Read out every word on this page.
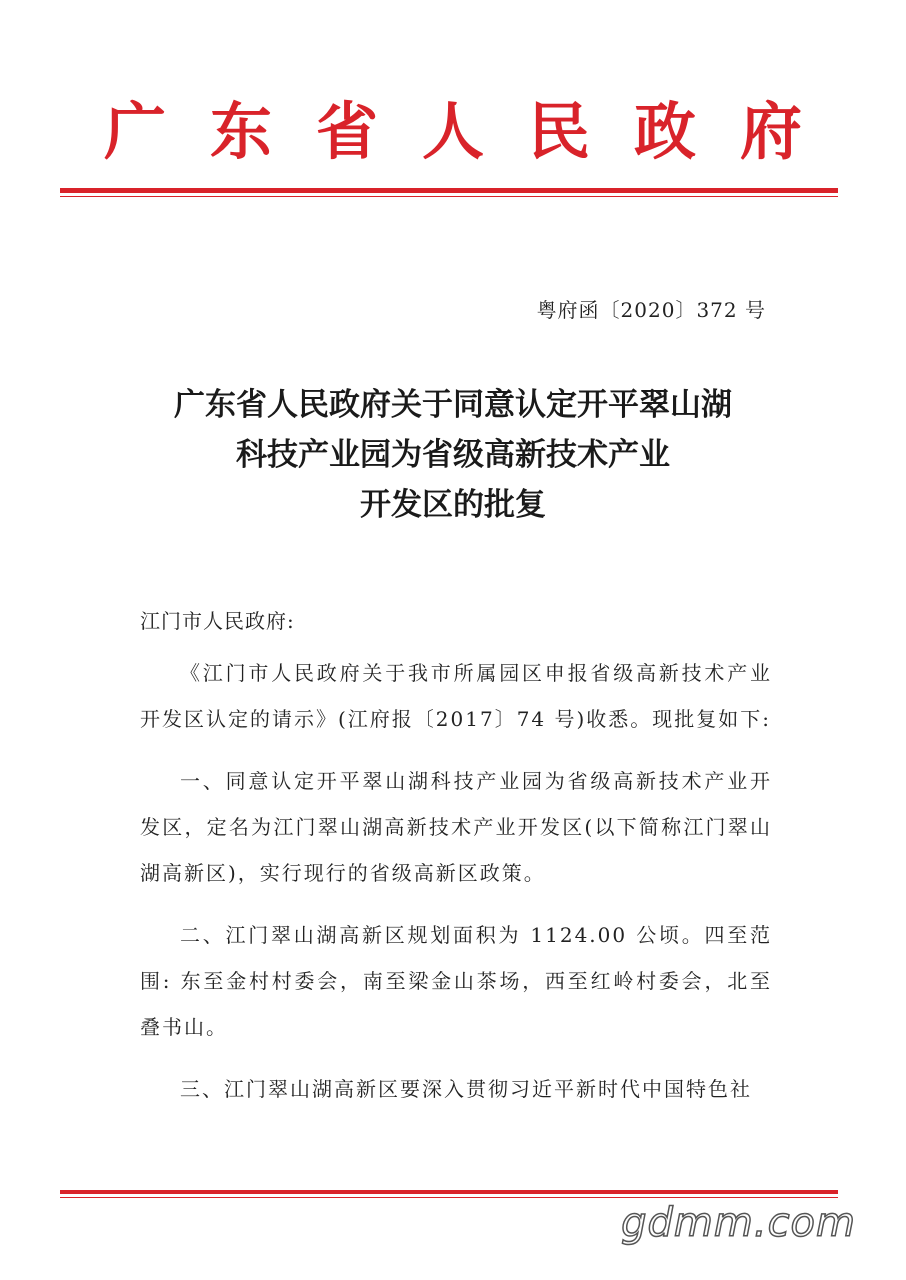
广东省人民政府
粤府函〔2020〕372 号
广东省人民政府关于同意认定开平翠山湖
科技产业园为省级高新技术产业
开发区的批复
江门市人民政府:

《江门市人民政府关于我市所属园区申报省级高新技术产业开发区认定的请示》(江府报〔2017〕74 号)收悉。现批复如下:

一、同意认定开平翠山湖科技产业园为省级高新技术产业开发区，定名为江门翠山湖高新技术产业开发区(以下简称江门翠山湖高新区)，实行现行的省级高新区政策。

二、江门翠山湖高新区规划面积为 1124.00 公顷。四至范围: 东至金村村委会，南至梁金山茶场，西至红岭村委会，北至叠书山。

三、江门翠山湖高新区要深入贯彻习近平新时代中国特色社

gdmm.com
